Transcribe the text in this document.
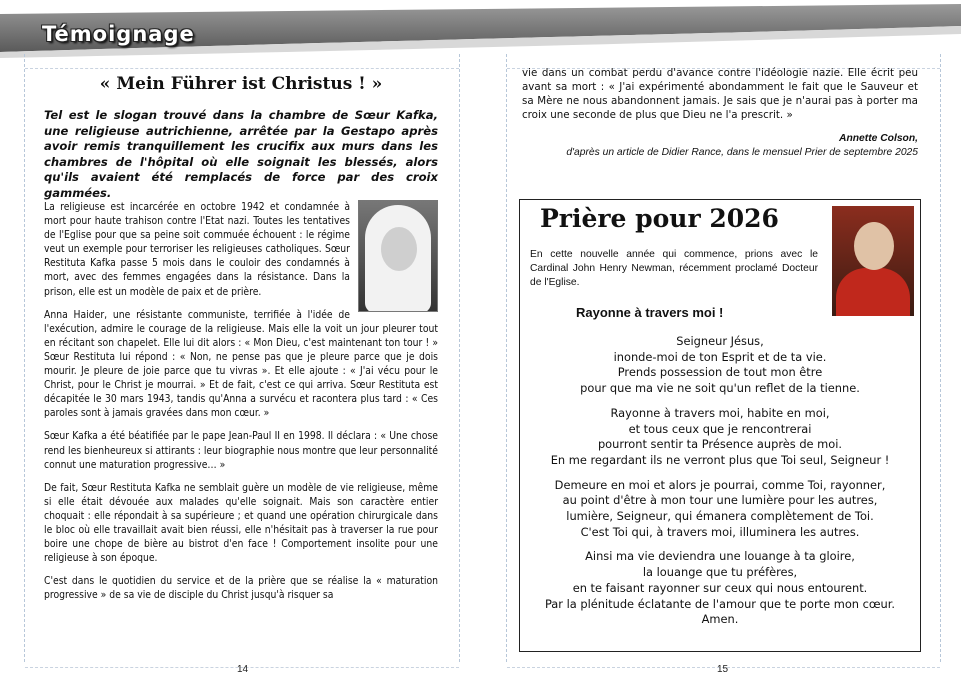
Témoignage
« Mein Führer ist Christus ! »
Tel est le slogan trouvé dans la chambre de Sœur Kafka, une religieuse autrichienne, arrêtée par la Gestapo après avoir remis tranquillement les crucifix aux murs dans les chambres de l'hôpital où elle soignait les blessés, alors qu'ils avaient été remplacés de force par des croix gammées.

La religieuse est incarcérée en octobre 1942 et condamnée à mort pour haute trahison contre l'Etat nazi. Toutes les tentatives de l'Eglise pour que sa peine soit commuée échouent : le régime veut un exemple pour terroriser les religieuses catholiques. Sœur Restituta Kafka passe 5 mois dans le couloir des condamnés à mort, avec des femmes engagées dans la résistance. Dans la prison, elle est un modèle de paix et de prière.

Anna Haider, une résistante communiste, terrifiée à l'idée de l'exécution, admire le courage de la religieuse. Mais elle la voit un jour pleurer tout en récitant son chapelet. Elle lui dit alors : « Mon Dieu, c'est maintenant ton tour ! » Sœur Restituta lui répond : « Non, ne pense pas que je pleure parce que je dois mourir. Je pleure de joie parce que tu vivras ». Et elle ajoute : « J'ai vécu pour le Christ, pour le Christ je mourrai. » Et de fait, c'est ce qui arriva. Sœur Restituta est décapitée le 30 mars 1943, tandis qu'Anna a survécu et racontera plus tard : « Ces paroles sont à jamais gravées dans mon cœur. »

Sœur Kafka a été béatifiée par le pape Jean-Paul II en 1998. Il déclara : « Une chose rend les bienheureux si attirants : leur biographie nous montre que leur personnalité connut une maturation progressive… »

De fait, Sœur Restituta Kafka ne semblait guère un modèle de vie religieuse, même si elle était dévouée aux malades qu'elle soignait. Mais son caractère entier choquait : elle répondait à sa supérieure ; et quand une opération chirurgicale dans le bloc où elle travaillait avait bien réussi, elle n'hésitait pas à traverser la rue pour boire une chope de bière au bistrot d'en face ! Comportement insolite pour une religieuse à son époque.

C'est dans le quotidien du service et de la prière que se réalise la « maturation progressive » de sa vie de disciple du Christ jusqu'à risquer sa

14
vie dans un combat perdu d'avance contre l'idéologie nazie. Elle écrit peu avant sa mort : « J'ai expérimenté abondamment le fait que le Sauveur et sa Mère ne nous abandonnent jamais. Je sais que je n'aurai pas à porter ma croix une seconde de plus que Dieu ne l'a prescrit. »
Annette Colson,
d'après un article de Didier Rance, dans le mensuel Prier de septembre 2025
Prière pour 2026
En cette nouvelle année qui commence, prions avec le Cardinal John Henry Newman, récemment proclamé Docteur de l'Eglise.
Rayonne à travers moi !
Seigneur Jésus,
inonde-moi de ton Esprit et de ta vie.
Prends possession de tout mon être
pour que ma vie ne soit qu'un reflet de la tienne.
Rayonne à travers moi, habite en moi,
et tous ceux que je rencontrerai
pourront sentir ta Présence auprès de moi.
En me regardant ils ne verront plus que Toi seul, Seigneur !
Demeure en moi et alors je pourrai, comme Toi, rayonner,
au point d'être à mon tour une lumière pour les autres,
lumière, Seigneur, qui émanera complètement de Toi.
C'est Toi qui, à travers moi, illuminera les autres.
Ainsi ma vie deviendra une louange à ta gloire,
la louange que tu préfères,
en te faisant rayonner sur ceux qui nous entourent.
Par la plénitude éclatante de l'amour que te porte mon cœur.
Amen.
15
